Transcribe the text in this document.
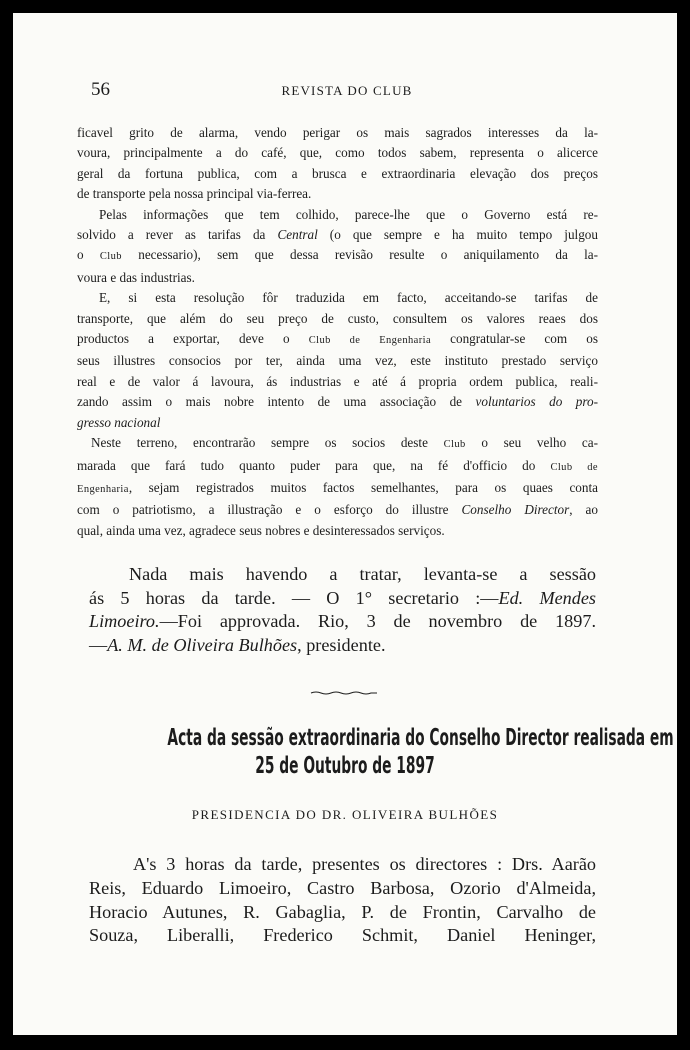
56	REVISTA DO CLUB
ficavel grito de alarma, vendo perigar os mais sagrados interesses da la-
voura, principalmente a do café, que, como todos sabem, representa o alicerce
geral da fortuna publica, com a brusca e extraordinaria elevação dos preços
de transporte pela nossa principal via-ferrea.
Pelas informações que tem colhido, parece-lhe que o Governo está re-
solvido a rever as tarifas da Central (o que sempre e ha muito tempo julgou
o Club necessario), sem que dessa revisão resulte o aniquilamento da la-
voura e das industrias.
E, si esta resolução fôr traduzida em facto, acceitando-se tarifas de
transporte, que além do seu preço de custo, consultem os valores reaes dos
productos a exportar, deve o Club de Engenharia congratular-se com os
seus illustres consocios por ter, ainda uma vez, este instituto prestado serviço
real e de valor á lavoura, ás industrias e até á propria ordem publica, reali-
zando assim o mais nobre intento de uma associação de voluntarios do pro-
gresso nacional
Neste terreno, encontrarão sempre os socios deste Club o seu velho ca-
marada que fará tudo quanto puder para que, na fé d'officio do Club de
Engenharia, sejam registrados muitos factos semelhantes, para os quaes conta
com o patriotismo, a illustração e o esforço do illustre Conselho Director, ao
qual, ainda uma vez, agradece seus nobres e desinteressados serviços.
Nada mais havendo a tratar, levanta-se a sessão
ás 5 horas da tarde. — O 1° secretario :—Ed. Mendes
Limoeiro.—Foi approvada. Rio, 3 de novembro de 1897.
—A. M. de Oliveira Bulhões, presidente.
Acta da sessão extraordinaria do Conselho Director realisada em
25 de Outubro de 1897
PRESIDENCIA DO DR. OLIVEIRA BULHÕES
A's 3 horas da tarde, presentes os directores : Drs. Aarão
Reis, Eduardo Limoeiro, Castro Barbosa, Ozorio d'Almeida,
Horacio Autunes, R. Gabaglia, P. de Frontin, Carvalho de
Souza, Liberalli, Frederico Schmit, Daniel Heninger,
